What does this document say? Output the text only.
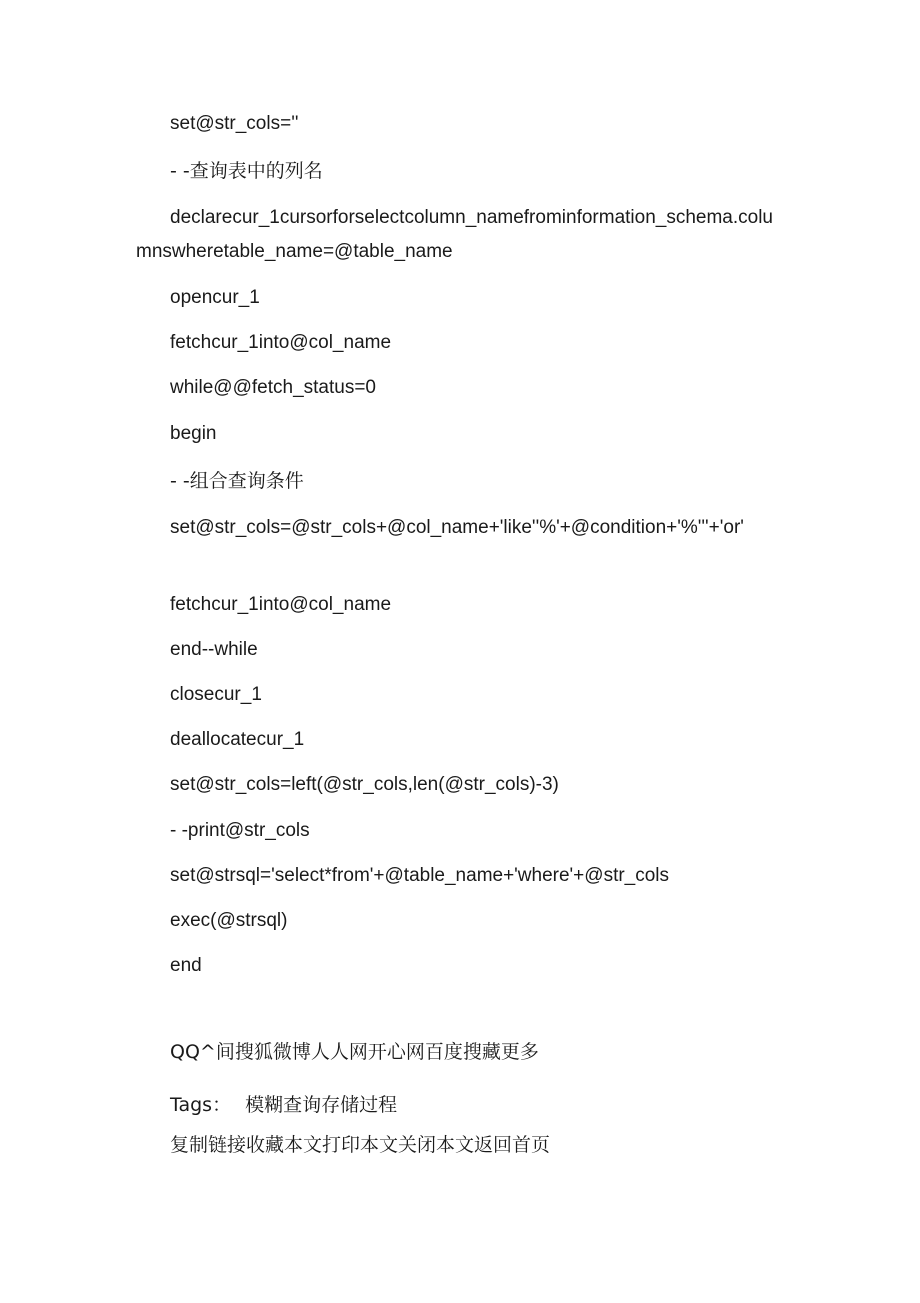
set@str_cols=''
- -查询表中的列名
declarecur_1cursorforselectcolumn_namefrominformation_schema.columnswheretable_name=@table_name
opencur_1
fetchcur_1into@col_name
while@@fetch_status=0
begin
- -组合查询条件
set@str_cols=@str_cols+@col_name+'like''%'+@condition+'%'''+'or'
fetchcur_1into@col_name
end--while
closecur_1
deallocatecur_1
set@str_cols=left(@str_cols,len(@str_cols)-3)
- -print@str_cols
set@strsql='select*from'+@table_name+'where'+@str_cols
exec(@strsql)
end
QQ^间搜狐微博人人网开心网百度搜藏更多
Tags： 模糊查询存储过程
复制链接收藏本文打印本文关闭本文返回首页
